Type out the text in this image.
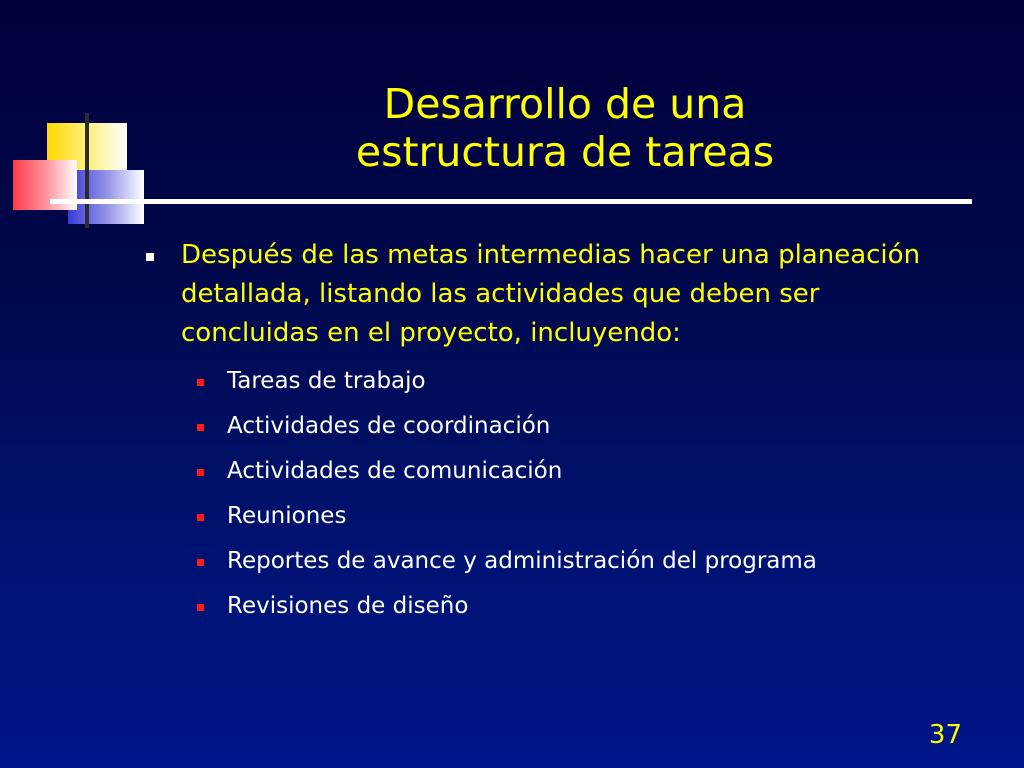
Desarrollo de una
estructura de tareas
Después de las metas intermedias hacer una planeación detallada, listando las actividades que deben ser concluidas en el proyecto, incluyendo:
Tareas de trabajo
Actividades de coordinación
Actividades de comunicación
Reuniones
Reportes de avance y administración del programa
Revisiones de diseño
37
